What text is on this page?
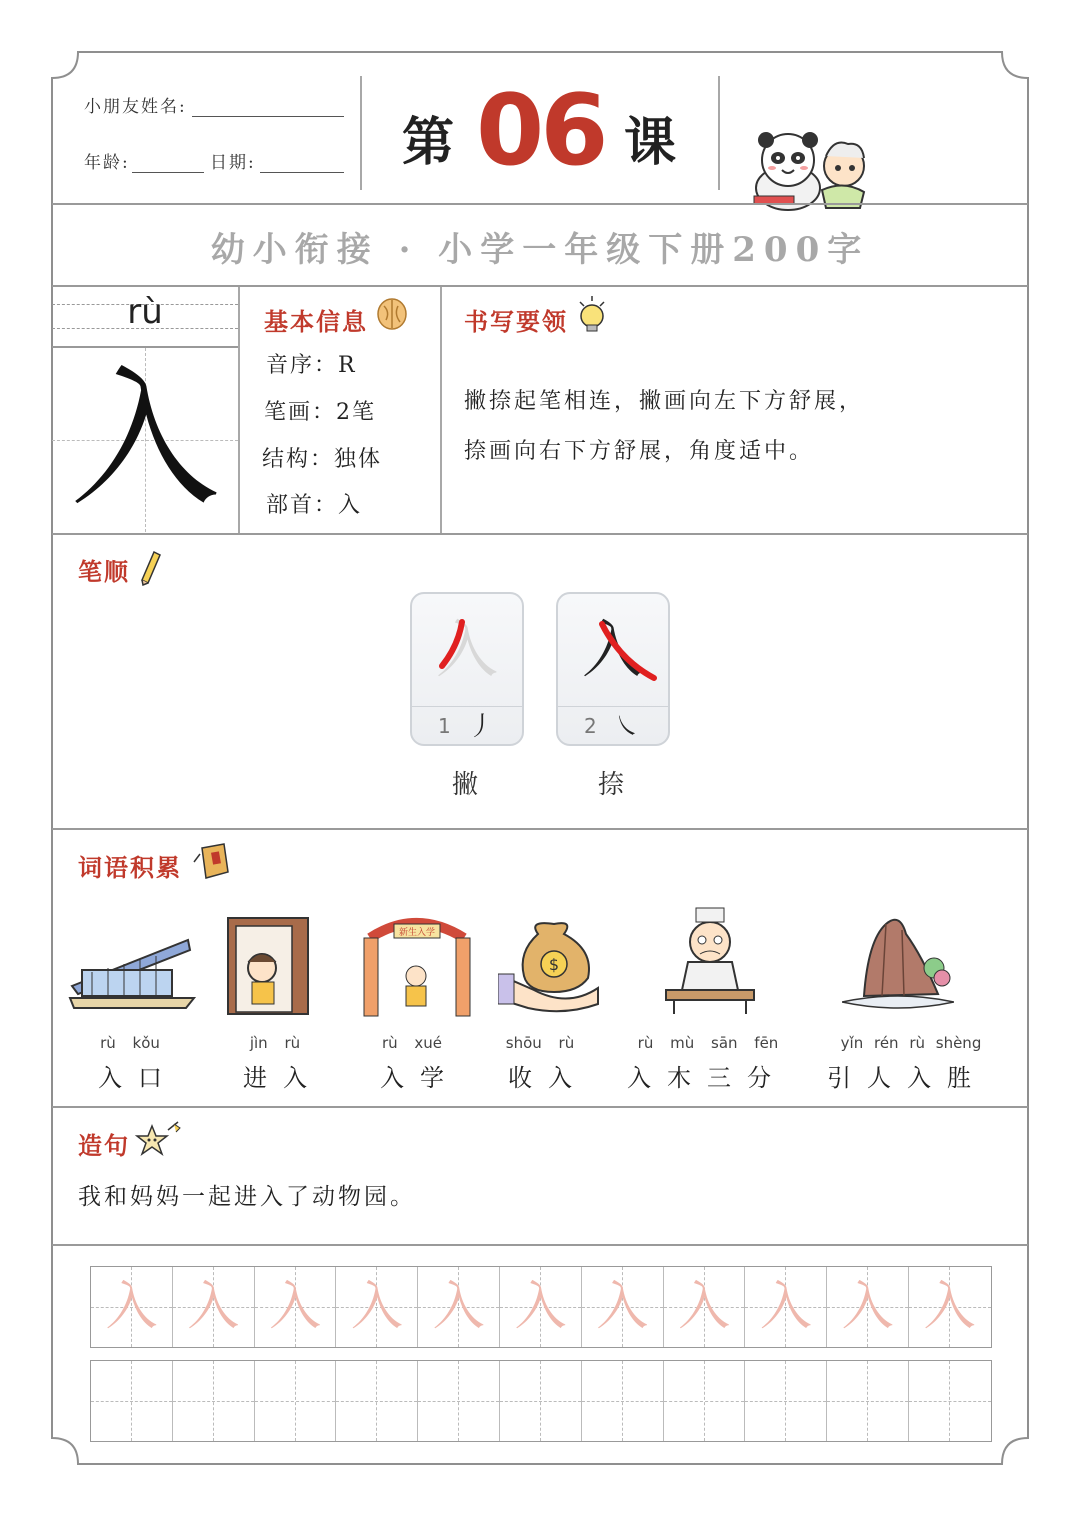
小朋友姓名:
年龄:	日期:	第 06 课
幼小衔接 · 小学一年级下册200字
rù
入
基本信息
音序：R
笔画：2笔
结构：独体
部首：入
书写要领
撇捺起笔相连，撇画向左下方舒展，
捺画向右下方舒展，角度适中。
笔顺
入
1 丿
撇
入
2 ㇏
捺
词语积累
新生入学
$
rù kǒu
入口
jìn rù
进入
rù xué
入学
shōu rù
收入
rù mù sān fēn
入木三分
yǐn rén rù shèng
引人入胜
造句
我和妈妈一起进入了动物园。
入 入 入 入 入 入 入 入 入 入 入
